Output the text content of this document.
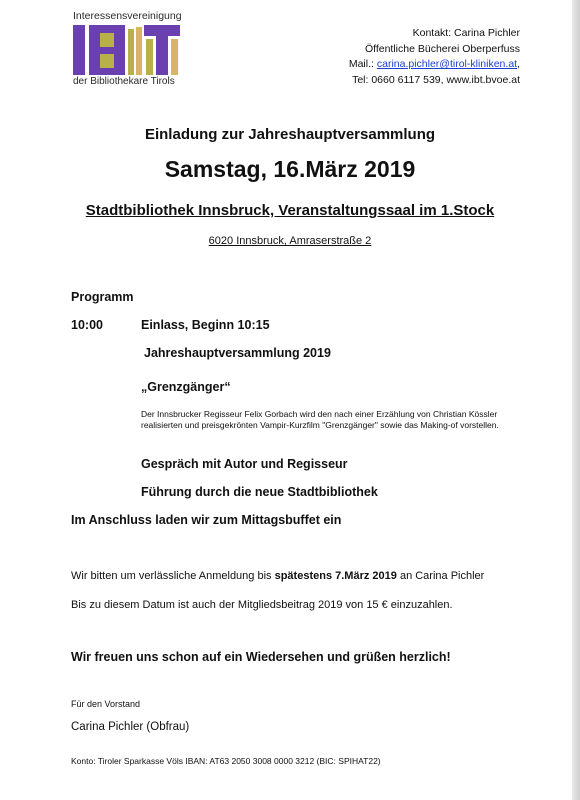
Interessensvereinigung
der Bibliothekare Tirols
Kontakt: Carina Pichler
Öffentliche Bücherei Oberperfuss
Mail.: carina.pichler@tirol-kliniken.at,
Tel: 0660 6117 539, www.ibt.bvoe.at
Einladung zur Jahreshauptversammlung
Samstag, 16.März 2019
Stadtbibliothek Innsbruck, Veranstaltungssaal im 1.Stock
6020 Innsbruck, Amraserstraße 2
Programm
10:00	Einlass, Beginn 10:15
Jahreshauptversammlung 2019
„Grenzgänger“
Der Innsbrucker Regisseur Felix Gorbach wird den nach einer Erzählung von Christian Kössler realisierten und preisgekrönten Vampir-Kurzfilm "Grenzgänger" sowie das Making-of vorstellen.
Gespräch mit Autor und Regisseur
Führung durch die neue Stadtbibliothek
Im Anschluss laden wir zum Mittagsbuffet ein
Wir bitten um verlässliche Anmeldung bis spätestens 7.März 2019 an Carina Pichler
Bis zu diesem Datum ist auch der Mitgliedsbeitrag 2019 von 15 € einzuzahlen.
Wir freuen uns schon auf ein Wiedersehen und grüßen herzlich!
Für den Vorstand
Carina Pichler (Obfrau)
Konto: Tiroler Sparkasse Völs IBAN: AT63 2050 3008 0000 3212 (BIC: SPIHAT22)
